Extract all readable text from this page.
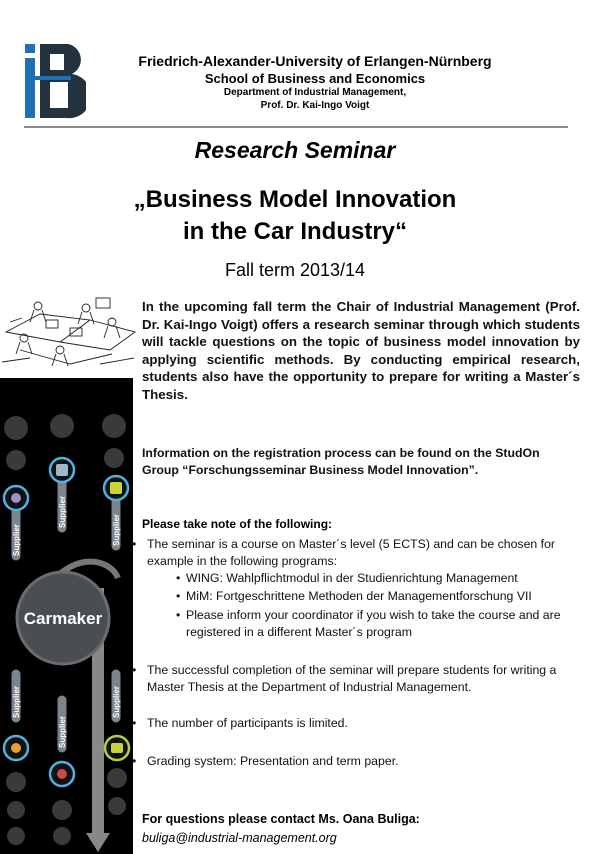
Friedrich-Alexander-University of Erlangen-Nürnberg
School of Business and Economics
Department of Industrial Management,
Prof. Dr. Kai-Ingo Voigt
Research Seminar
„Business Model Innovation
in the Car Industry“
Fall term 2013/14
Carmaker
Supplier
Supplier
Supplier
Supplier
Supplier
Supplier
In the upcoming fall term the Chair of Industrial Management (Prof. Dr. Kai-Ingo Voigt) offers a research seminar through which students will tackle questions on the topic of business model innovation by applying scientific methods. By conducting empirical research, students also have the opportunity to prepare for writing a Master´s Thesis.
Information on the registration process can be found on the StudOn Group “Forschungsseminar Business Model Innovation”.
Please take note of the following:
• The seminar is a course on Master´s level (5 ECTS) and can be chosen for example in the following programs:
• WING: Wahlpflichtmodul in der Studienrichtung Management
• MiM: Fortgeschrittene Methoden der Managementforschung VII
• Please inform your coordinator if you wish to take the course and are registered in a different Master´s program
• The successful completion of the seminar will prepare students for writing a Master Thesis at the Department of Industrial Management.
• The number of participants is limited.
• Grading system: Presentation and term paper.
For questions please contact Ms. Oana Buliga:
buliga@industrial-management.org
